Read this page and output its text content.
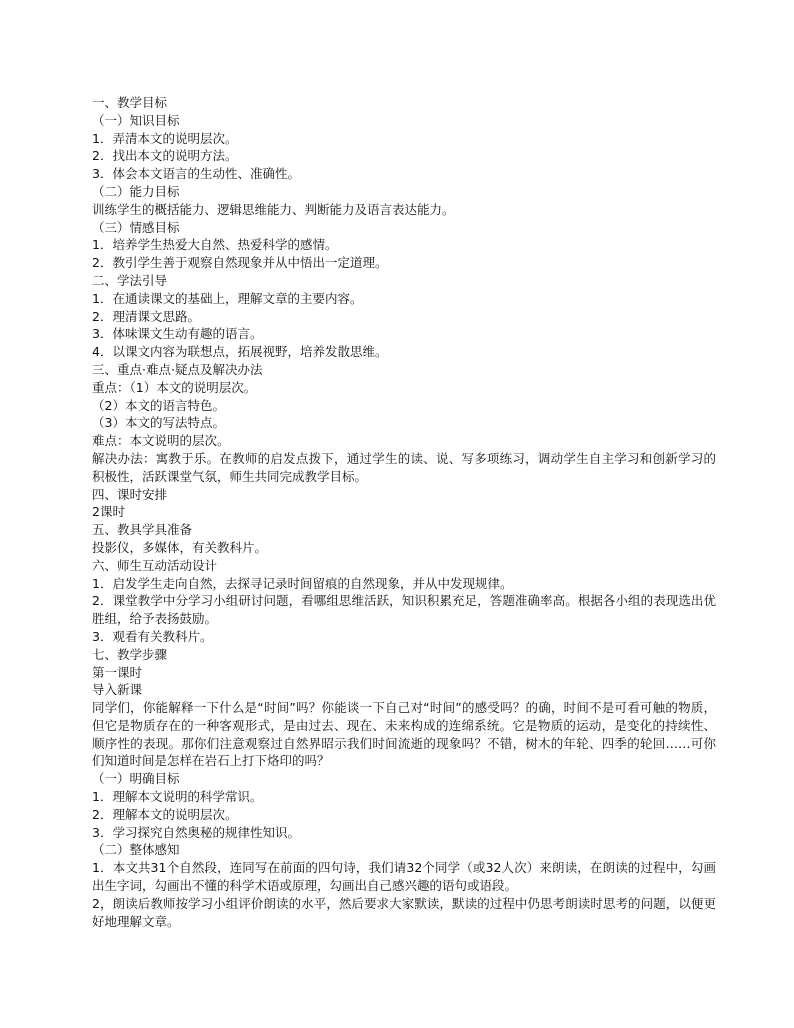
一、教学目标

（一）知识目标

1．弄清本文的说明层次。

2．找出本文的说明方法。

3．体会本文语言的生动性、准确性。

（二）能力目标

训练学生的概括能力、逻辑思维能力、判断能力及语言表达能力。

（三）情感目标

1．培养学生热爱大自然、热爱科学的感情。

2．教引学生善于观察自然现象并从中悟出一定道理。

二、学法引导

1．在通读课文的基础上，理解文章的主要内容。

2．理清课文思路。

3．体味课文生动有趣的语言。

4．以课文内容为联想点，拓展视野，培养发散思维。

三、重点·难点·疑点及解决办法

重点：（1）本文的说明层次。

（2）本文的语言特色。

（3）本文的写法特点。

难点：本文说明的层次。

解决办法：寓教于乐。在教师的启发点拨下，通过学生的读、说、写多项练习，调动学生自主学习和创新学习的积极性，活跃课堂气氛，师生共同完成教学目标。

四、课时安排

2课时

五、教具学具准备

投影仪，多媒体，有关教科片。

六、师生互动活动设计

1．启发学生走向自然，去探寻记录时间留痕的自然现象，并从中发现规律。

2．课堂教学中分学习小组研讨问题，看哪组思维活跃，知识积累充足，答题准确率高。根据各小组的表现选出优胜组，给予表扬鼓励。

3．观看有关教科片。

七、教学步骤

第一课时

导入新课

同学们，你能解释一下什么是“时间”吗？你能谈一下自己对“时间”的感受吗？的确，时间不是可看可触的物质，但它是物质存在的一种客观形式，是由过去、现在、未来构成的连绵系统。它是物质的运动，是变化的持续性、顺序性的表现。那你们注意观察过自然界昭示我们时间流逝的现象吗？不错，树木的年轮、四季的轮回……可你们知道时间是怎样在岩石上打下烙印的吗？

（一）明确目标

1．理解本文说明的科学常识。

2．理解本文的说明层次。

3．学习探究自然奥秘的规律性知识。

（二）整体感知

1．本文共31个自然段，连同写在前面的四句诗，我们请32个同学（或32人次）来朗读，在朗读的过程中，勾画出生字词，勾画出不懂的科学术语或原理，勾画出自己感兴趣的语句或语段。

2，朗读后教师按学习小组评价朗读的水平，然后要求大家默读，默读的过程中仍思考朗读时思考的问题，以便更好地理解文章。
